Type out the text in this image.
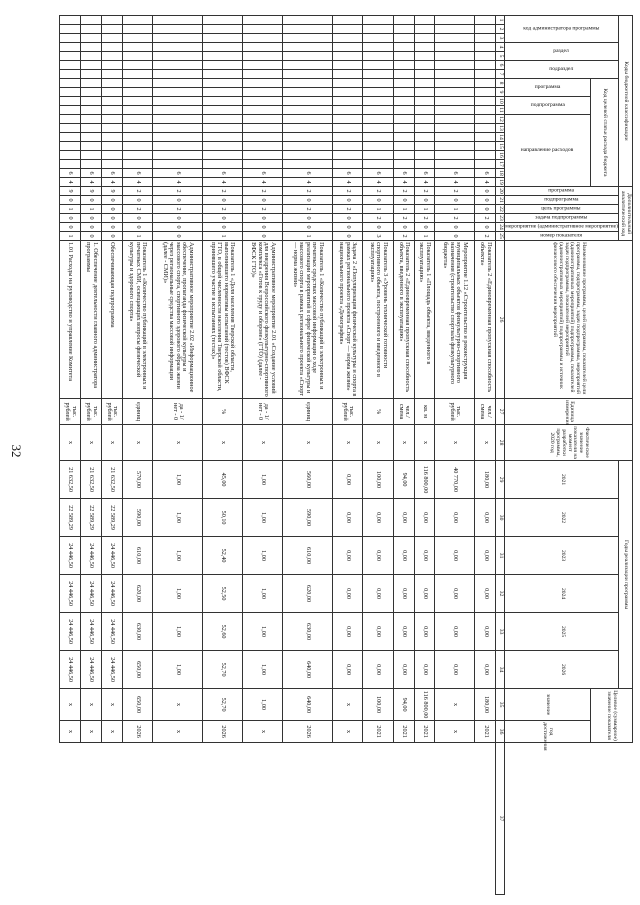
32
Коды бюджетной классификации																			Дополнительный аналитический код						Наименование программы, целей программы, показателей цели программы, подпрограммы, задач подпрограммы, мероприятий (административных мероприятий) подпрограммы, показателей задач подпрограммы, показателей мероприятий (административных мероприятий) подпрограммы и источник финансового обеспечения мероприятий	Единица измерения	Фактическое значение показателя на момент разработки программы, 2020 год	Годы реализации программы						Целевое (суммарное) значение показателя		
код администратора программы			раздел		подраздел		Код целевой статьи расхода бюджета												программа	подпрограмма	цель программы	задача подпрограммы	мероприятие (административное мероприятие)	номер показателя				2021	2022	2023	2024	2025	2026			
							программа		подпрограмма		направление расходов																							значение	год достижения	
1	2	3	4	5	6	7	8	9	10	11	12	13	14	15	16	17	18	19	20	21	22	23	24	25	26	27	28	29	30	31	32	33	34	35	36	37
																	6	4	0	0	0	2	0	2	Показатель 2 «Единовременная пропускная способность объекта»	чел./смена	x	180,00	0,00	0,00	0,00	0,00	0,00	180,00	2021	
																	6	4	2	0	1	2	0	0	Мероприятие 1.12 «Строительство и реконструкция муниципальных объектов физкультурно-спортивного назначения (строительство спортзала физкультурного бюджета»	тыс. рублей	x	40 770,00	0,00	0,00	0,00	0,00	0,00	x	x	
																	6	4	2	0	1	2	0	1	Показатель 1 «Площадь объекта, введенного в эксплуатацию»	кв. м	x	116 800,00	0,00	0,00	0,00	0,00	0,00	116 800,00	2021	
																	6	4	2	0	1	2	0	2	Показатель 2 «Единовременная пропускная способность объекта, введенного в эксплуатацию»	чел./смена	x	94,00	0,00	0,00	0,00	0,00	0,00	94,00	2021	
																	6	4	2	0	1	2	0	3	Показатель 3 «Уровень технической готовности спортивного объекта, построенного и введенного в эксплуатацию»	%	x	100,00	0,00	0,00	0,00	0,00	0,00	100,00	2021	
																	6	4	2	0	2	0	0	0	Задача 2 «Популяризация физической культуры и спорта в рамках регионального проекта «Спорт — норма жизни» национального проекта «Демография»	тыс. рублей	x	0,00	0,00	0,00	0,00	0,00	0,00	x	x	
																	6	4	2	0	2	0	0	1	Показатель 1 «Количество публикаций в электронных и печатных средствах массовой информации о ходе реализации мероприятий в сфере физической культуры и массового спорта в рамках регионального проекта «Спорт — норма жизни»	единиц	x	560,00	590,00	610,00	620,00	630,00	640,00	640,00	2026	
																	6	4	2	0	2	0	0	0	Административное мероприятие 2.01 «Создание условий для внедрения Всероссийского физкультурно-спортивного комплекса «Готов к труду и обороне» (ГТО) (далее - ВФСК ГТО)»	да - 1/ нет - 0	x	1,00	1,00	1,00	1,00	1,00	1,00	1,00	x	
																	6	4	2	0	2	0	0	1	Показатель 1 «Доля населения Тверской области, выполнившего нормативы испытаний (тестов) ВФСК ГТО, в общей численности населения Тверской области, принявшего участие в испытаниях (тестах)»	%	x	45,00	50,10	52,40	52,50	52,60	52,70	52,70	2026	
																	6	4	2	0	2	0	0	0	Административное мероприятие 2.02 «Информационное обеспечение, пропаганда физической культуры и массового спорта, спортивного здорового образа жизни через региональные средства массовой информации (далее - СМИ)»	да - 1/ нет - 0	x	1,00	1,00	1,00	1,00	1,00	1,00	x	x	
																	6	4	2	0	2	0	0	1	Показатель 1 «Количество публикаций в электронных и печатных СМИ, освещающих вопросы физической культуры и здорового спорта»	единиц	x	570,00	590,00	610,00	620,00	630,00	650,00	650,00	2026	
																	6	4	9	0	0	0	0	0	Обеспечивающая подпрограмма	тыс. рублей	x	21 632,50	22 589,29	24 446,50	24 446,50	24 446,50	24 446,50	x	x	
																	6	4	9	0	1	0	0	0	1. Обеспечение деятельности главного администратора программы	тыс. рублей	x	21 632,50	22 589,29	24 446,50	24 446,50	24 446,50	24 446,50	x	x	
																	6	4	9	0	1	0	0	1	1.01 Расходы на руководство и управление Комитета	тыс. рублей	x	21 632,50	22 589,29	24 446,50	24 446,50	24 446,50	24 446,50	x	x	
